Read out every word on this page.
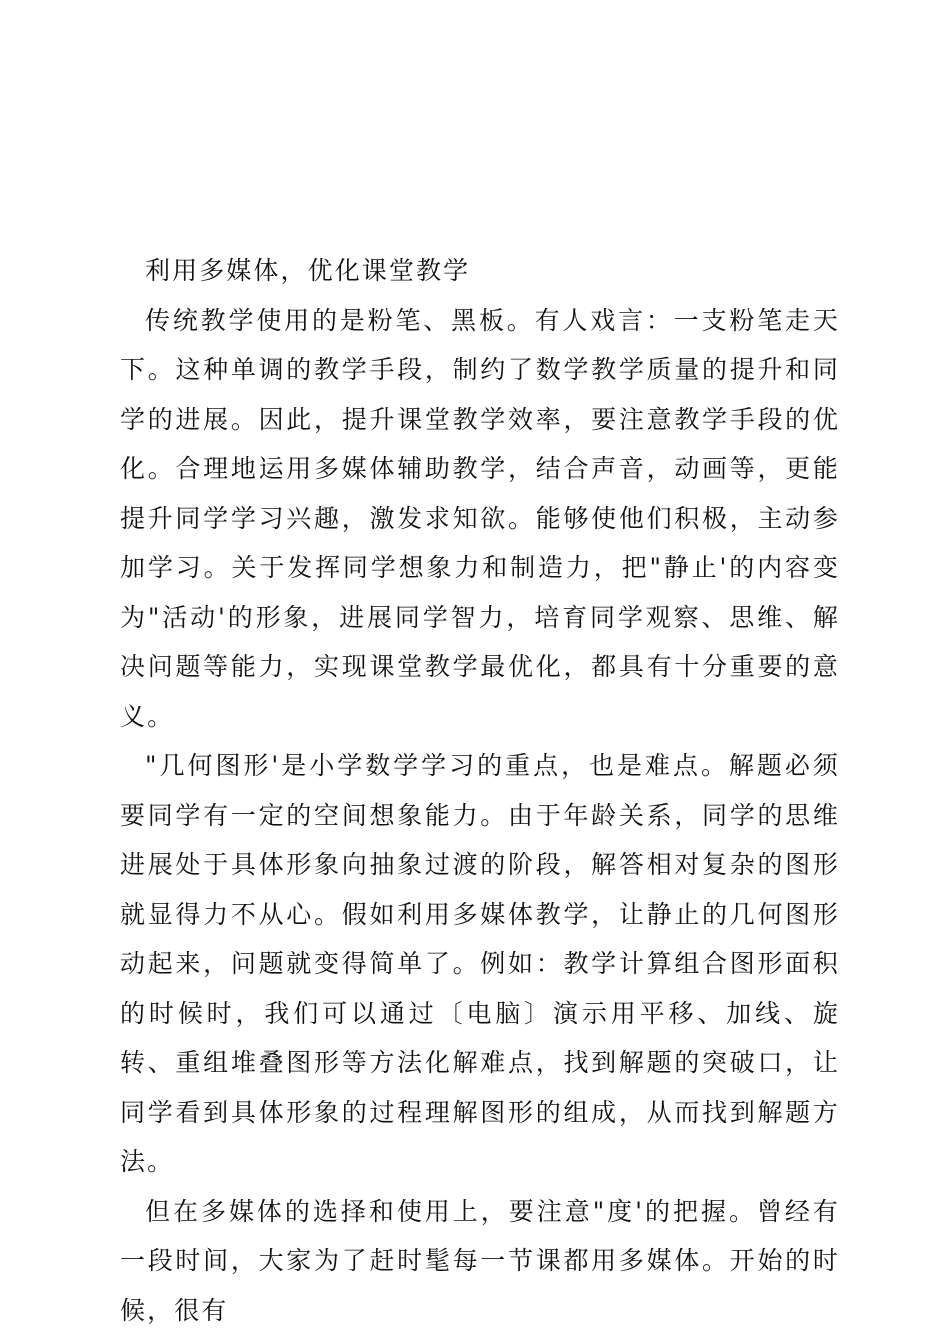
利用多媒体，优化课堂教学

传统教学使用的是粉笔、黑板。有人戏言：一支粉笔走天下。这种单调的教学手段，制约了数学教学质量的提升和同学的进展。因此，提升课堂教学效率，要注意教学手段的优化。合理地运用多媒体辅助教学，结合声音，动画等，更能提升同学学习兴趣，激发求知欲。能够使他们积极，主动参加学习。关于发挥同学想象力和制造力，把"静止'的内容变为"活动'的形象，进展同学智力，培育同学观察、思维、解决问题等能力，实现课堂教学最优化，都具有十分重要的意义。

"几何图形'是小学数学学习的重点，也是难点。解题必须要同学有一定的空间想象能力。由于年龄关系，同学的思维进展处于具体形象向抽象过渡的阶段，解答相对复杂的图形就显得力不从心。假如利用多媒体教学，让静止的几何图形动起来，问题就变得简单了。例如：教学计算组合图形面积的时候时，我们可以通过〔电脑〕演示用平移、加线、旋转、重组堆叠图形等方法化解难点，找到解题的突破口，让同学看到具体形象的过程理解图形的组成，从而找到解题方法。

但在多媒体的选择和使用上，要注意"度'的把握。曾经有一段时间，大家为了赶时髦每一节课都用多媒体。开始的时候，很有
